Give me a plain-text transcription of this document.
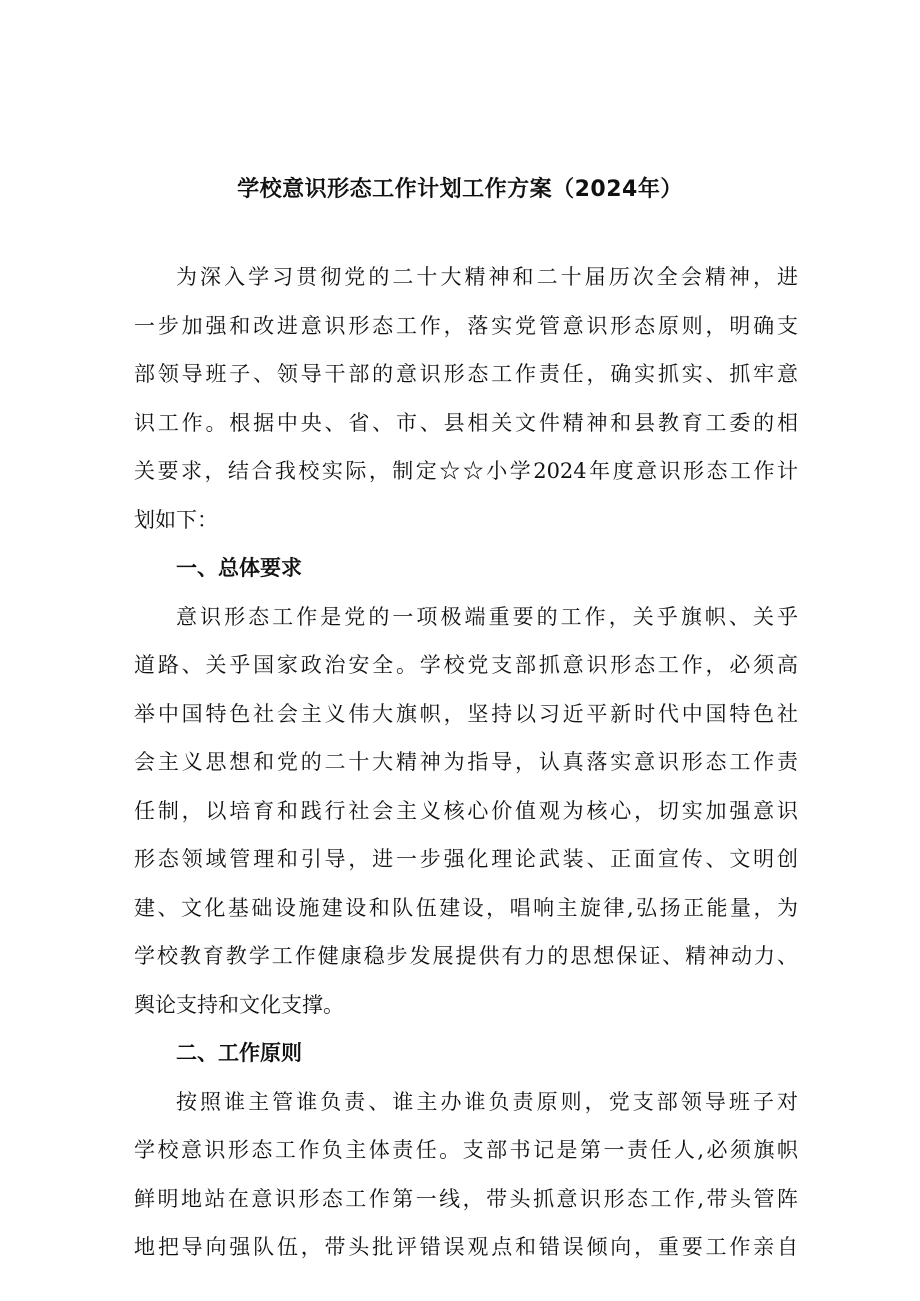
学校意识形态工作计划工作方案（2024年）
为深入学习贯彻党的二十大精神和二十届历次全会精神，进
一步加强和改进意识形态工作，落实党管意识形态原则，明确支
部领导班子、领导干部的意识形态工作责任，确实抓实、抓牢意
识工作。根据中央、省、市、县相关文件精神和县教育工委的相
关要求，结合我校实际，制定☆☆小学2024年度意识形态工作计
划如下：
一、总体要求
意识形态工作是党的一项极端重要的工作，关乎旗帜、关乎
道路、关乎国家政治安全。学校党支部抓意识形态工作，必须高
举中国特色社会主义伟大旗帜，坚持以习近平新时代中国特色社
会主义思想和党的二十大精神为指导，认真落实意识形态工作责
任制，以培育和践行社会主义核心价值观为核心，切实加强意识
形态领域管理和引导，进一步强化理论武装、正面宣传、文明创
建、文化基础设施建设和队伍建设，唱响主旋律,弘扬正能量，为
学校教育教学工作健康稳步发展提供有力的思想保证、精神动力、
舆论支持和文化支撑。
二、工作原则
按照谁主管谁负责、谁主办谁负责原则，党支部领导班子对
学校意识形态工作负主体责任。支部书记是第一责任人,必须旗帜
鲜明地站在意识形态工作第一线，带头抓意识形态工作,带头管阵
地把导向强队伍，带头批评错误观点和错误倾向，重要工作亲自
